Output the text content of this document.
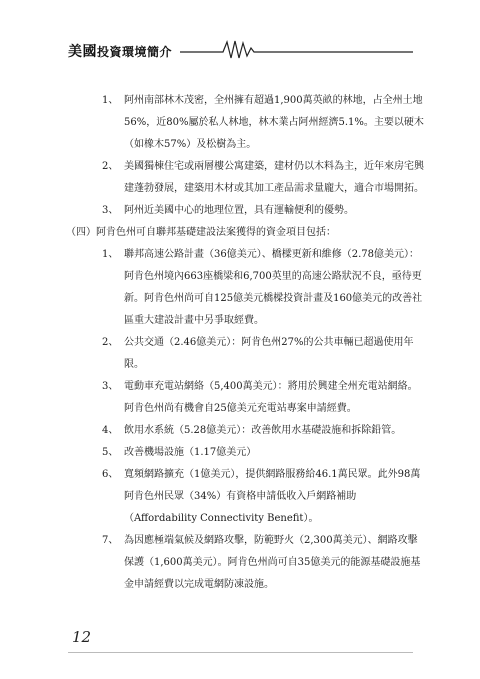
美國投資環境簡介
1、 阿州南部林木茂密，全州擁有超過1,900萬英畝的林地，占全州土地56%，近80%屬於私人林地，林木業占阿州經濟5.1%。主要以硬木（如橡木57%）及松樹為主。
2、 美國獨棟住宅或兩層樓公寓建築，建材仍以木料為主，近年來房宅興建蓬勃發展，建築用木材或其加工產品需求量龐大，適合市場開拓。
3、 阿州近美國中心的地理位置，具有運輸便利的優勢。
（四）阿肯色州可自聯邦基礎建設法案獲得的資金項目包括：
1、 聯邦高速公路計畫（36億美元）、橋樑更新和維修（2.78億美元）：阿肯色州境內663座橋梁和6,700英里的高速公路狀況不良，亟待更新。阿肯色州尚可自125億美元橋樑投資計畫及160億美元的改善社區重大建設計畫中另爭取經費。
2、 公共交通（2.46億美元）：阿肯色州27%的公共車輛已超過使用年限。
3、 電動車充電站網絡（5,400萬美元）：將用於興建全州充電站網絡。阿肯色州尚有機會自25億美元充電站專案申請經費。
4、 飲用水系統（5.28億美元）：改善飲用水基礎設施和拆除鉛管。
5、 改善機場設施（1.17億美元）
6、 寬頻網路擴充（1億美元），提供網路服務給46.1萬民眾。此外98萬阿肯色州民眾（34%）有資格申請低收入戶網路補助（Affordability Connectivity Benefit）。
7、 為因應極端氣候及網路攻擊，防範野火（2,300萬美元）、網路攻擊保護（1,600萬美元）。阿肯色州尚可自35億美元的能源基礎設施基金申請經費以完成電網防凍設施。
12
